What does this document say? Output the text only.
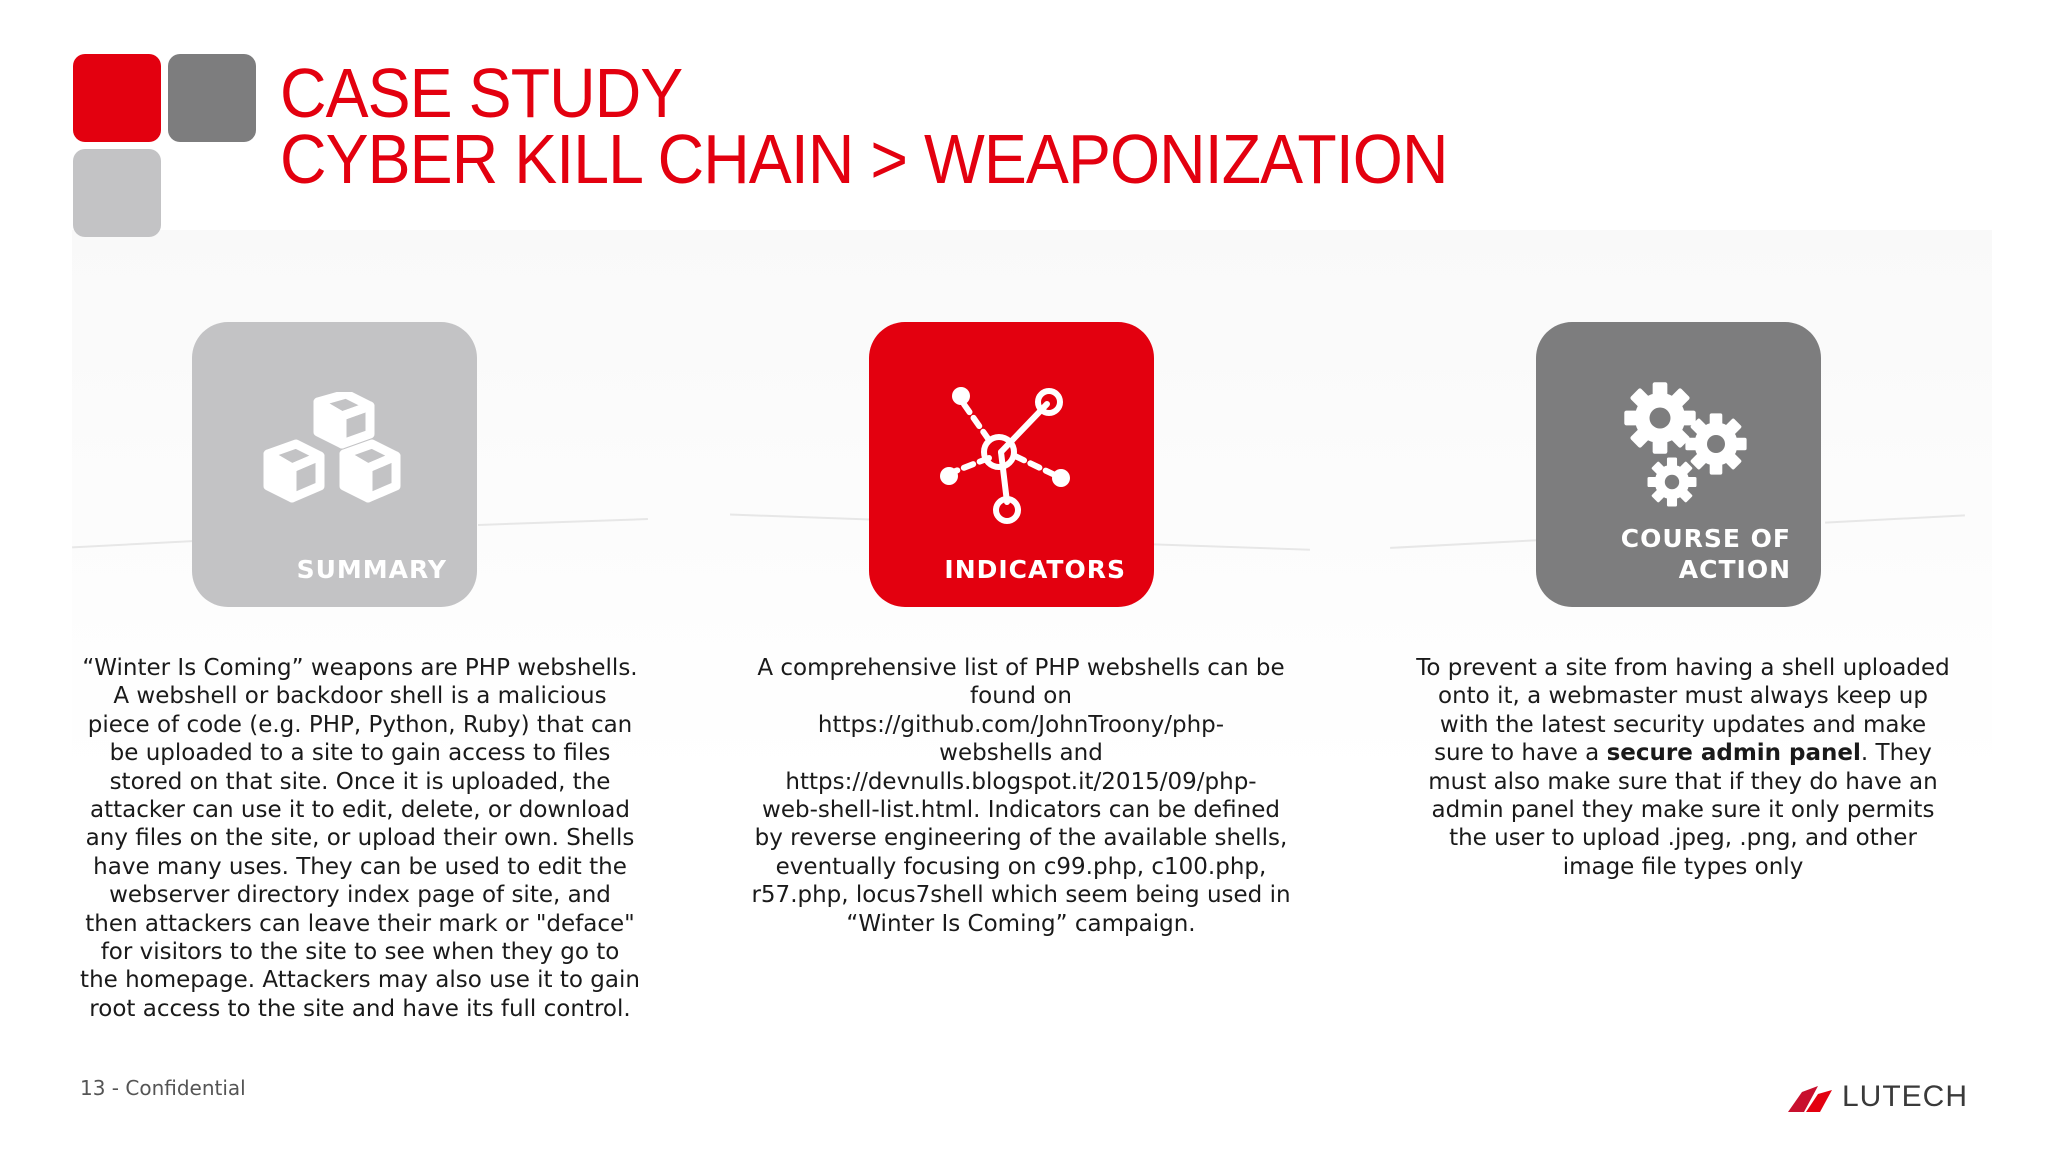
CASE STUDY
CYBER KILL CHAIN > WEAPONIZATION
SUMMARY	INDICATORS
COURSE OF
ACTION
“Winter Is Coming” weapons are PHP webshells. A webshell or backdoor shell is a malicious piece of code (e.g. PHP, Python, Ruby) that can be uploaded to a site to gain access to files stored on that site. Once it is uploaded, the attacker can use it to edit, delete, or download any files on the site, or upload their own. Shells have many uses. They can be used to edit the webserver directory index page of site, and then attackers can leave their mark or "deface" for visitors to the site to see when they go to the homepage. Attackers may also use it to gain root access to the site and have its full control.
A comprehensive list of PHP webshells can be found on
https://github.com/JohnTroony/php-
webshells and
https://devnulls.blogspot.it/2015/09/php-
web-shell-list.html. Indicators can be defined by reverse engineering of the available shells, eventually focusing on c99.php, c100.php, r57.php, locus7shell which seem being used in “Winter Is Coming” campaign.
To prevent a site from having a shell uploaded onto it, a webmaster must always keep up with the latest security updates and make sure to have a secure admin panel. They must also make sure that if they do have an admin panel they make sure it only permits the user to upload .jpeg, .png, and other image file types only
13 - Confidential	LUTECH
